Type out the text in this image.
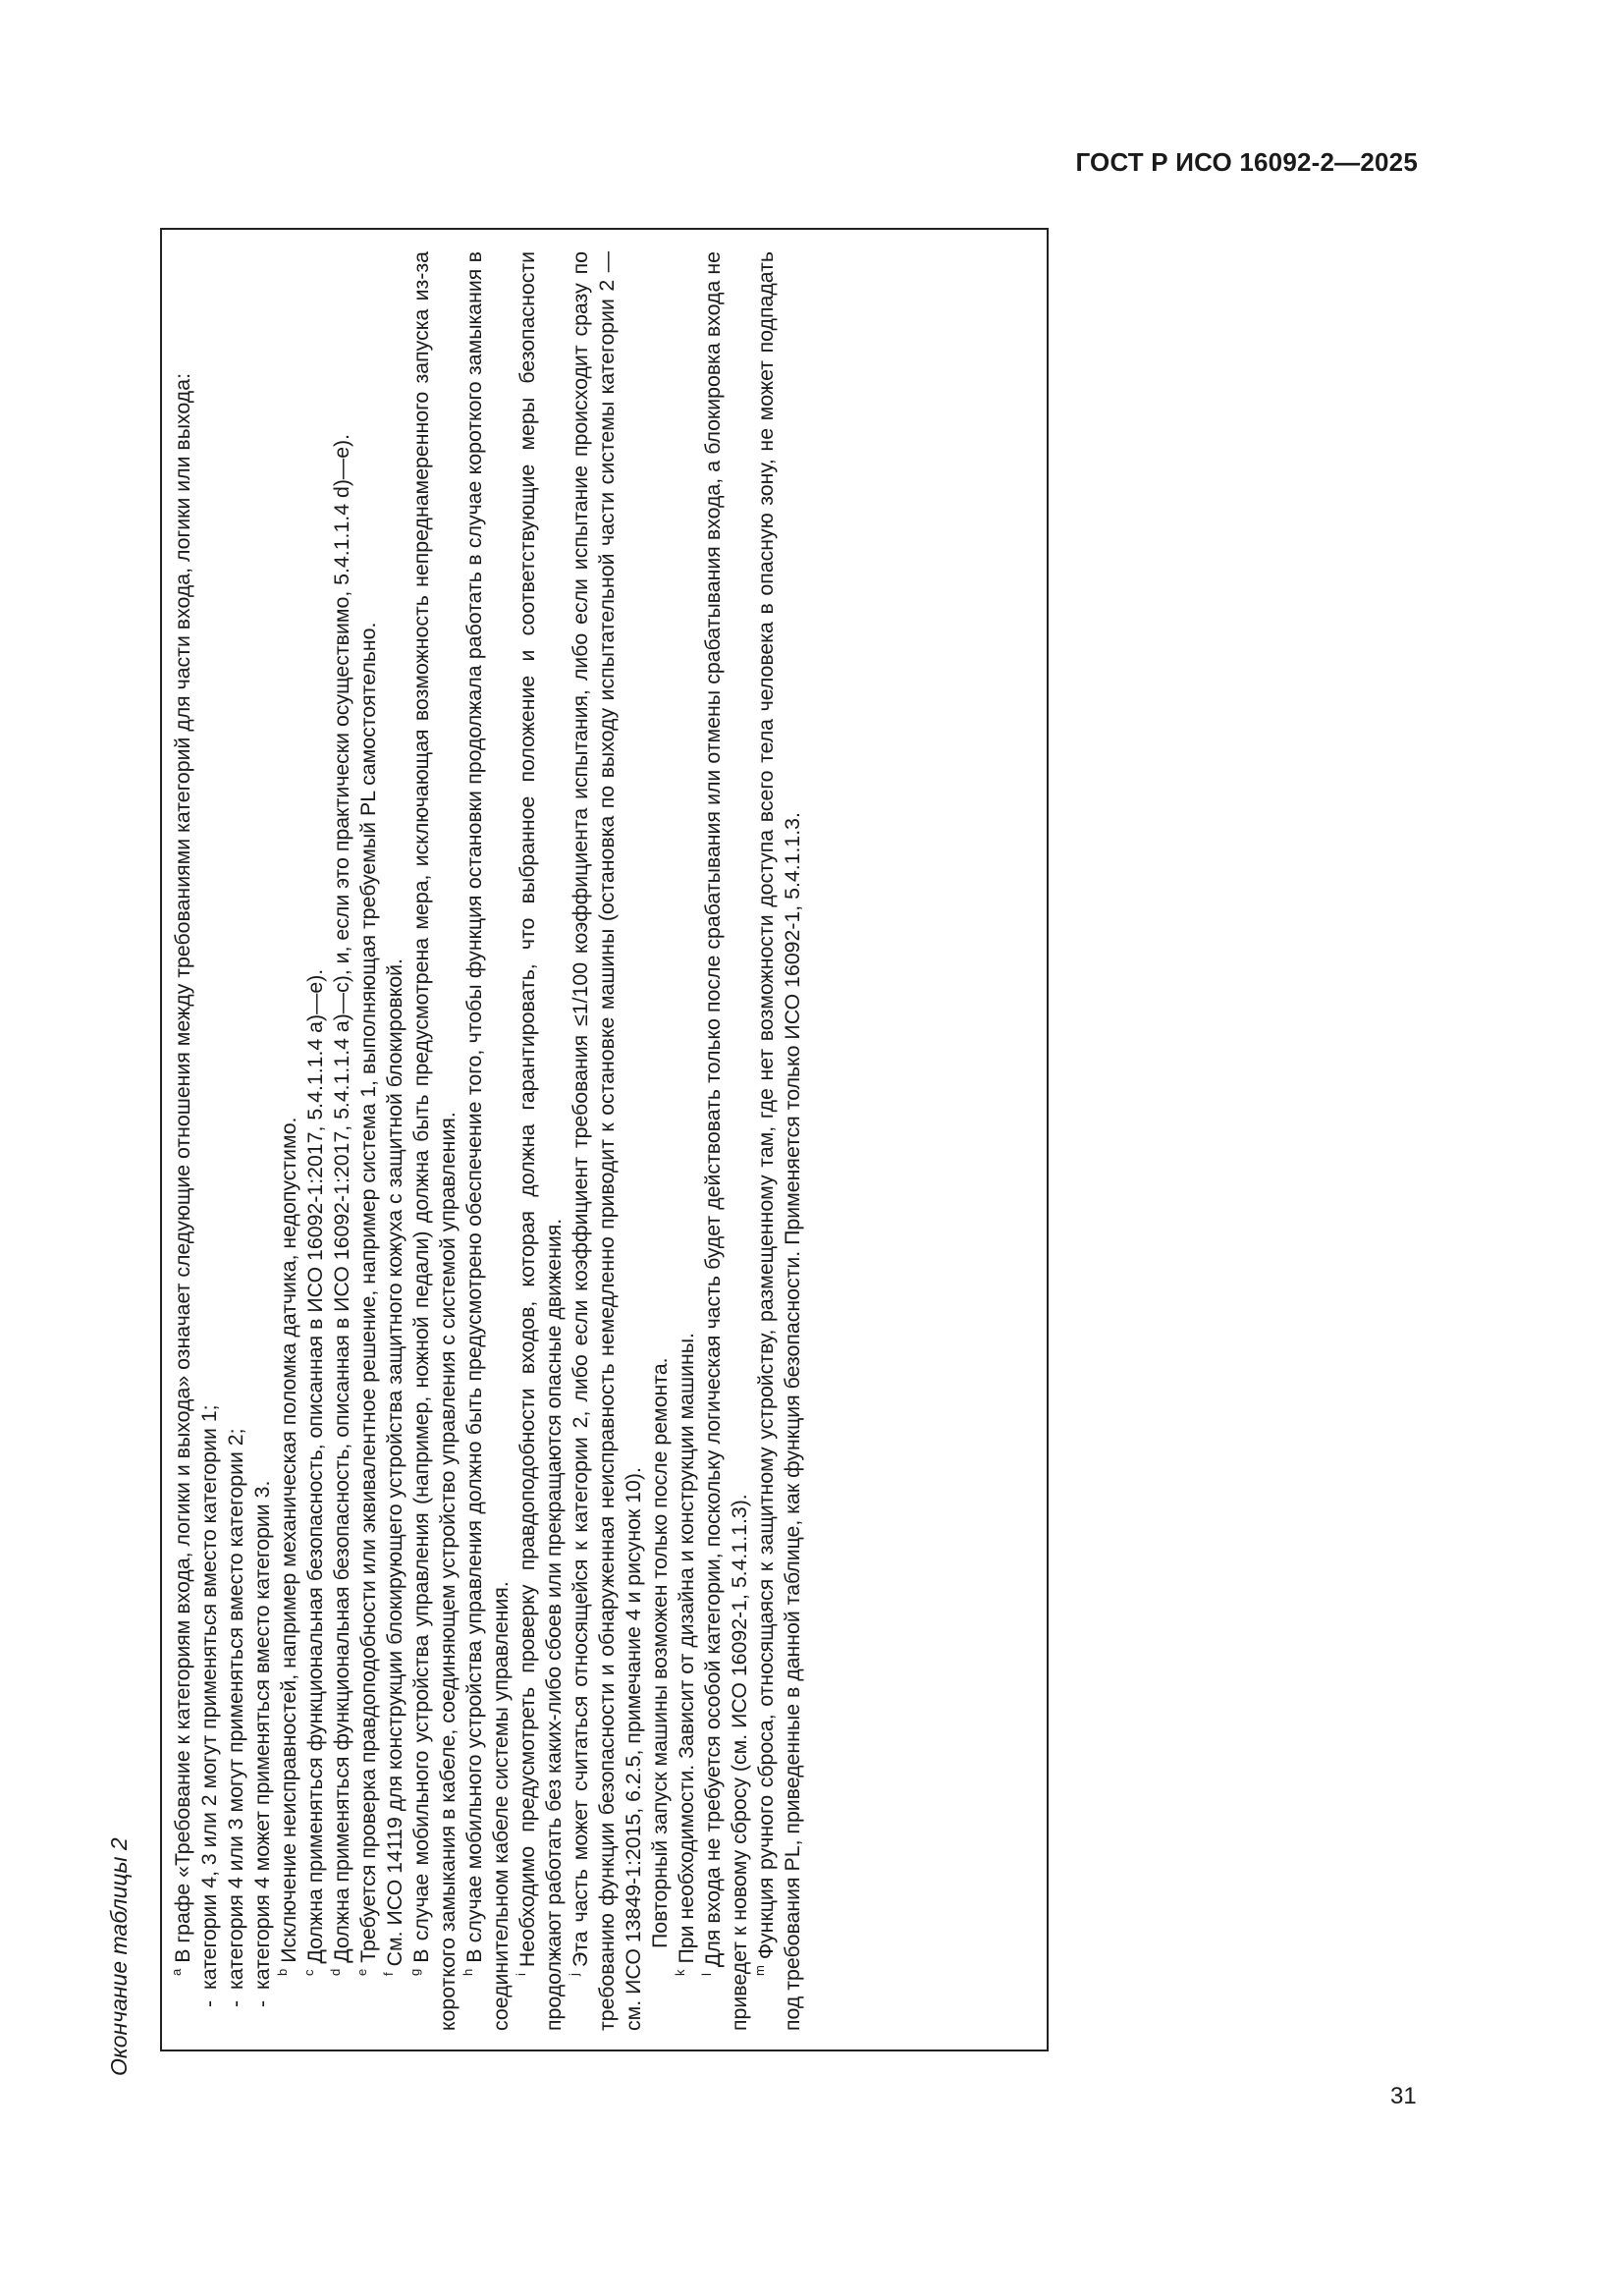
ГОСТ Р ИСО 16092-2—2025
Окончание таблицы 2	$^a$В графе «Требование к категориям входа, логики и выхода» означает следующие отношения между требованиями категорий для части входа, логики или выхода:

-категории 4, 3 или 2 могут применяться вместо категории 1;

-категория 4 или 3 могут применяться вместо категории 2;

-категория 4 может применяться вместо категории 3. $^b$Исключение неисправностей, например механическая поломка датчика, недопустимо.

$^c$Должна применяться функциональная безопасность, описанная в ИСО 16092-1:2017, 5.4.1.1.4 a)—e).

$^d$Должна применяться функциональная безопасность, описанная в ИСО 16092-1:2017, 5.4.1.1.4 a)—c), и, если это практически осуществимо, 5.4.1.1.4 d)—e).

$^e$Требуется проверка правдоподобности или эквивалентное решение, например система 1, выполняющая требуемый PL самостоятельно.

$^f$См. ИСО 14119 для конструкции блокирующего устройства защитного кожуха с защитной блокировкой.

$^g$В случае мобильного устройства управления (например, ножной педали) должна быть предусмотрена мера, исключающая возможность непреднамеренного запуска из-за короткого замыкания в кабеле, соединяющем устройство управления с системой управления. $^h$В случае мобильного устройства управления должно быть предусмотрено обеспечение того, чтобы функция остановки продолжала работать в случае короткого замыкания в соединительном кабеле системы управления. $^i$Необходимо предусмотреть проверку правдоподобности входов, которая должна гарантировать, что выбранное положение и соответствующие меры безопасности продолжают работать без каких-либо сбоев или прекращаются опасные движения. $^j$Эта часть может считаться относящейся к категории 2, либо если коэффициент требования ≤1/100 коэффициента испытания, либо если испытание происходит сразу по требованию функции безопасности и обнаруженная неисправность немедленно приводит к остановке машины (остановка по выходу испытательной части системы категории 2 — см. ИСО 13849-1:2015, 6.2.5, примечание 4 и рисунок 10). Повторный запуск машины возможен только после ремонта.

$^k$При необходимости. Зависит от дизайна и конструкции машины.

$^l$Для входа не требуется особой категории, поскольку логическая часть будет действовать только после срабатывания или отмены срабатывания входа, а блокировка входа не приведет к новому сбросу (см. ИСО 16092-1, 5.4.1.1.3). $^m$Функция ручного сброса, относящаяся к защитному устройству, размещенному там, где нет возможности доступа всего тела человека в опасную зону, не может подпадать под требования PL, приведенные в данной таблице, как функция безопасности. Применяется только ИСО 16092-1, 5.4.1.1.3.

31
